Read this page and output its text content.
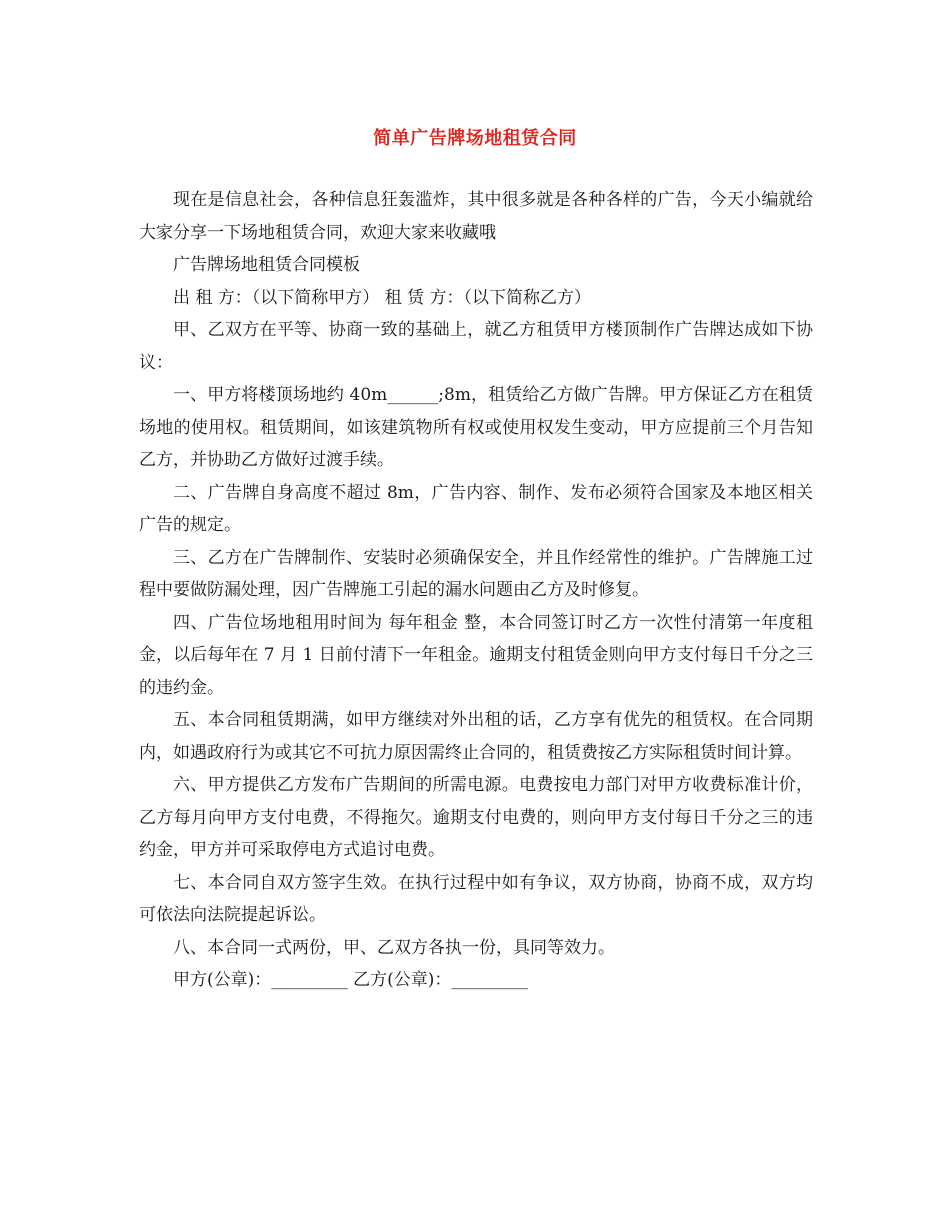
简单广告牌场地租赁合同

现在是信息社会，各种信息狂轰滥炸，其中很多就是各种各样的广告，今天小编就给大家分享一下场地租赁合同，欢迎大家来收藏哦

广告牌场地租赁合同模板

出 租 方：（以下简称甲方） 租 赁 方：（以下简称乙方）

甲、乙双方在平等、协商一致的基础上，就乙方租赁甲方楼顶制作广告牌达成如下协议：

一、甲方将楼顶场地约 40m______;8m，租赁给乙方做广告牌。甲方保证乙方在租赁场地的使用权。租赁期间，如该建筑物所有权或使用权发生变动，甲方应提前三个月告知乙方，并协助乙方做好过渡手续。

二、广告牌自身高度不超过 8m，广告内容、制作、发布必须符合国家及本地区相关广告的规定。

三、乙方在广告牌制作、安装时必须确保安全，并且作经常性的维护。广告牌施工过程中要做防漏处理，因广告牌施工引起的漏水问题由乙方及时修复。

四、广告位场地租用时间为 每年租金 整，本合同签订时乙方一次性付清第一年度租金，以后每年在 7 月 1 日前付清下一年租金。逾期支付租赁金则向甲方支付每日千分之三的违约金。

五、本合同租赁期满，如甲方继续对外出租的话，乙方享有优先的租赁权。在合同期内，如遇政府行为或其它不可抗力原因需终止合同的，租赁费按乙方实际租赁时间计算。

六、甲方提供乙方发布广告期间的所需电源。电费按电力部门对甲方收费标准计价，乙方每月向甲方支付电费，不得拖欠。逾期支付电费的，则向甲方支付每日千分之三的违约金，甲方并可采取停电方式追讨电费。

七、本合同自双方签字生效。在执行过程中如有争议，双方协商，协商不成，双方均可依法向法院提起诉讼。

八、本合同一式两份，甲、乙双方各执一份，具同等效力。

甲方(公章)：_________ 乙方(公章)：_________
